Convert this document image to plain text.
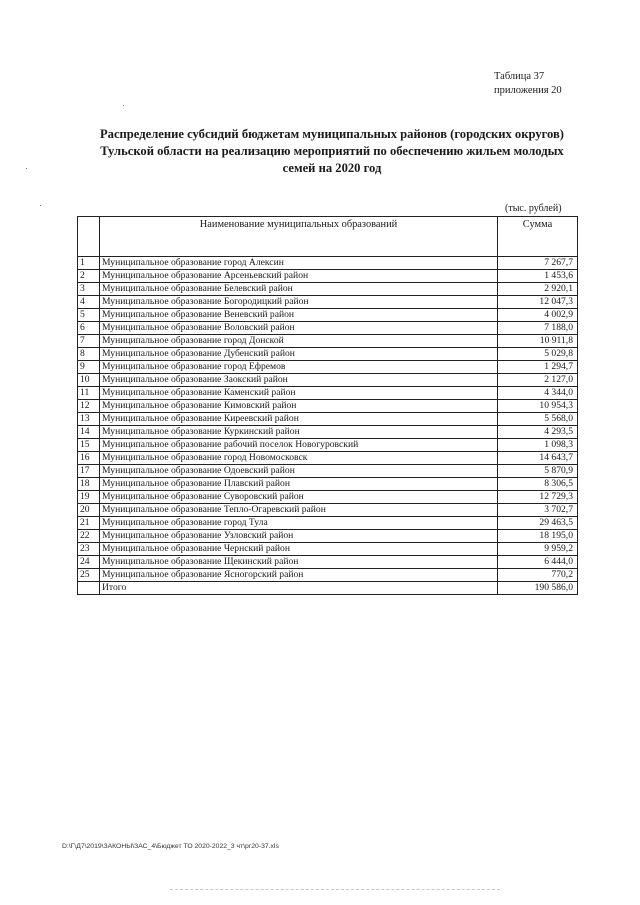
Таблица 37
приложения 20
Распределение субсидий бюджетам муниципальных районов (городских округов)
Тульской области на реализацию мероприятий по обеспечению жильем молодых
семей на 2020 год
(тыс. рублей)
	Наименование муниципальных образований	Сумма
1	Муниципальное образование город Алексин	7 267,7
2	Муниципальное образование Арсеньевский район	1 453,6
3	Муниципальное образование Белевский район	2 920,1
4	Муниципальное образование Богородицкий район	12 047,3
5	Муниципальное образование Веневский район	4 002,9
6	Муниципальное образование Воловский район	7 188,0
7	Муниципальное образование город Донской	10 911,8
8	Муниципальное образование Дубенский район	5 029,8
9	Муниципальное образование город Ефремов	1 294,7
10	Муниципальное образование Заокский район	2 127,0
11	Муниципальное образование Каменский район	4 344,0
12	Муниципальное образование Кимовский район	10 954,3
13	Муниципальное образование Киреевский район	5 568,0
14	Муниципальное образование Куркинский район	4 293,5
15	Муниципальное образование рабочий поселок Новогуровский	1 098,3
16	Муниципальное образование город Новомосковск	14 643,7
17	Муниципальное образование Одоевский район	5 870,9
18	Муниципальное образование Плавский район	8 306,5
19	Муниципальное образование Суворовский район	12 729,3
20	Муниципальное образование Тепло-Огаревский район	3 702,7
21	Муниципальное образование город Тула	29 463,5
22	Муниципальное образование Узловский район	18 195,0
23	Муниципальное образование Чернский район	9 959,2
24	Муниципальное образование Щекинский район	6 444,0
25	Муниципальное образование Ясногорский район	770,2
	Итого	190 586,0
D:\Г\Д7\2019\ЗАКОНЫ\ЗАС_4\Бюджет ТО 2020-2022_3 чт\рг20-37.xls
